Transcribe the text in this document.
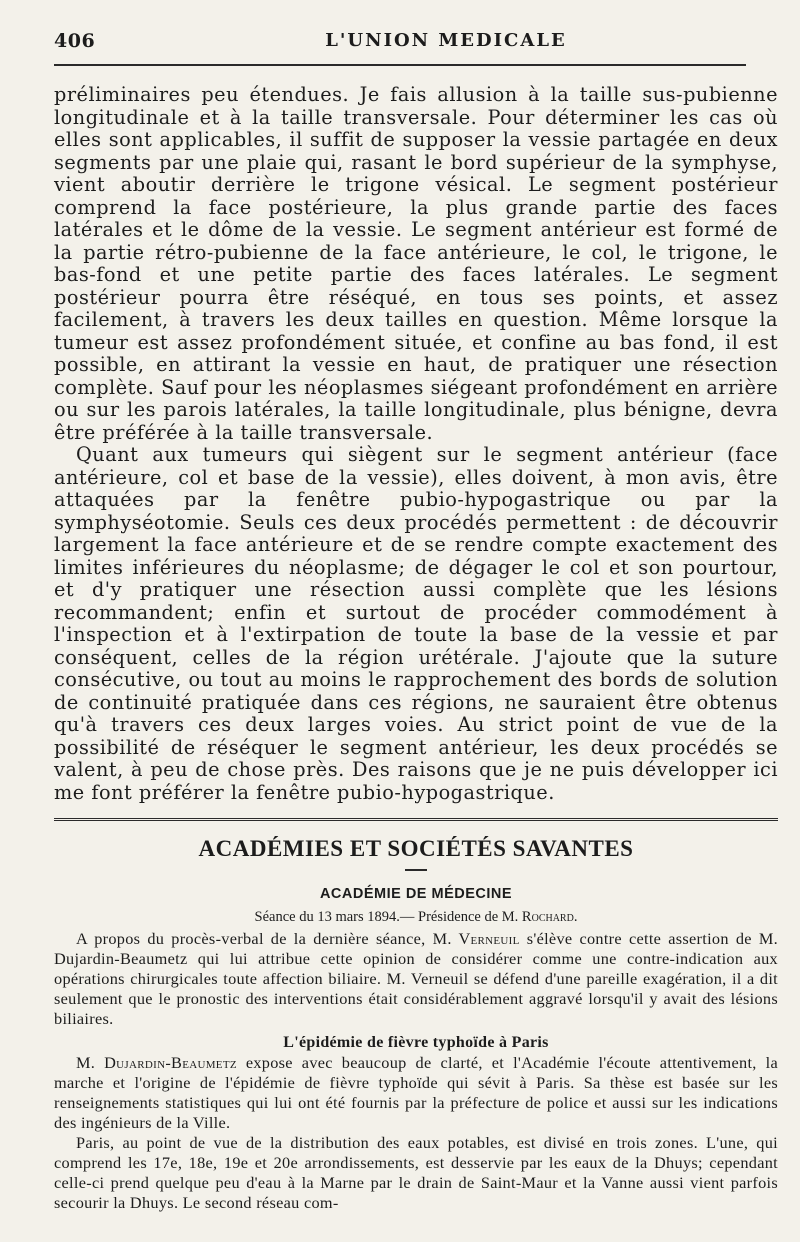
406	L'UNION MEDICALE

préliminaires peu étendues. Je fais allusion à la taille sus-pubienne longitudinale et à la taille transversale. Pour déterminer les cas où elles sont applicables, il suffit de supposer la vessie partagée en deux segments par une plaie qui, rasant le bord supérieur de la symphyse, vient aboutir derrière le trigone vésical. Le segment postérieur comprend la face postérieure, la plus grande partie des faces latérales et le dôme de la vessie. Le segment antérieur est formé de la partie rétro-pubienne de la face antérieure, le col, le trigone, le bas-fond et une petite partie des faces latérales. Le segment postérieur pourra être réséqué, en tous ses points, et assez facilement, à travers les deux tailles en question. Même lorsque la tumeur est assez profondément située, et confine au bas fond, il est possible, en attirant la vessie en haut, de pratiquer une résection complète. Sauf pour les néoplasmes siégeant profondément en arrière ou sur les parois latérales, la taille longitudinale, plus bénigne, devra être préférée à la taille transversale.

Quant aux tumeurs qui siègent sur le segment antérieur (face antérieure, col et base de la vessie), elles doivent, à mon avis, être attaquées par la fenêtre pubio-hypogastrique ou par la symphyséotomie. Seuls ces deux procédés permettent : de découvrir largement la face antérieure et de se rendre compte exactement des limites inférieures du néoplasme; de dégager le col et son pourtour, et d'y pratiquer une résection aussi complète que les lésions recommandent; enfin et surtout de procéder commodément à l'inspection et à l'extirpation de toute la base de la vessie et par conséquent, celles de la région urétérale. J'ajoute que la suture consécutive, ou tout au moins le rapprochement des bords de solution de continuité pratiquée dans ces régions, ne sauraient être obtenus qu'à travers ces deux larges voies. Au strict point de vue de la possibilité de réséquer le segment antérieur, les deux procédés se valent, à peu de chose près. Des raisons que je ne puis développer ici me font préférer la fenêtre pubio-hypogastrique.

ACADÉMIES ET SOCIÉTÉS SAVANTES
ACADÉMIE DE MÉDECINE
Séance du 13 mars 1894.— Présidence de M. Rochard.

A propos du procès-verbal de la dernière séance, M. Verneuil s'élève contre cette assertion de M. Dujardin-Beaumetz qui lui attribue cette opinion de considérer comme une contre-indication aux opérations chirurgicales toute affection biliaire. M. Verneuil se défend d'une pareille exagération, il a dit seulement que le pronostic des interventions était considérablement aggravé lorsqu'il y avait des lésions biliaires.

L'épidémie de fièvre typhoïde à Paris

M. Dujardin-Beaumetz expose avec beaucoup de clarté, et l'Académie l'écoute attentivement, la marche et l'origine de l'épidémie de fièvre typhoïde qui sévit à Paris. Sa thèse est basée sur les renseignements statistiques qui lui ont été fournis par la préfecture de police et aussi sur les indications des ingénieurs de la Ville.

Paris, au point de vue de la distribution des eaux potables, est divisé en trois zones. L'une, qui comprend les 17e, 18e, 19e et 20e arrondissements, est desservie par les eaux de la Dhuys; cependant celle-ci prend quelque peu d'eau à la Marne par le drain de Saint-Maur et la Vanne aussi vient parfois secourir la Dhuys. Le second réseau com-
